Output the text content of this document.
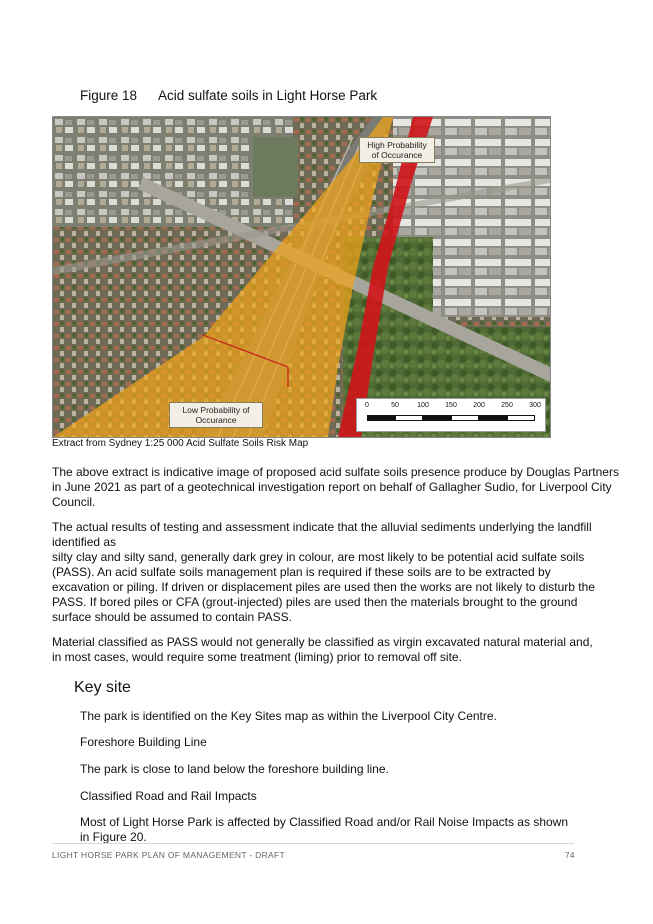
Figure 18 Acid sulfate soils in Light Horse Park
High Probability
of Occurance
Low Probability of
Occurance
0	50	100 150 200 250 300
Extract from Sydney 1:25 000 Acid Sulfate Soils Risk Map

The above extract is indicative image of proposed acid sulfate soils presence produce by Douglas Partners
in June 2021 as part of a geotechnical investigation report on behalf of Gallagher Sudio, for Liverpool City
Council.

The actual results of testing and assessment indicate that the alluvial sediments underlying the landfill
identified as
silty clay and silty sand, generally dark grey in colour, are most likely to be potential acid sulfate soils
(PASS). An acid sulfate soils management plan is required if these soils are to be extracted by
excavation or piling. If driven or displacement piles are used then the works are not likely to disturb the
PASS. If bored piles or CFA (grout-injected) piles are used then the materials brought to the ground
surface should be assumed to contain PASS.

Material classified as PASS would not generally be classified as virgin excavated natural material and,
in most cases, would require some treatment (liming) prior to removal off site.

Key site
The park is identified on the Key Sites map as within the Liverpool City Centre.
Foreshore Building Line
The park is close to land below the foreshore building line.
Classified Road and Rail Impacts
Most of Light Horse Park is affected by Classified Road and/or Rail Noise Impacts as shown
in Figure 20.
LIGHT HORSE PARK PLAN OF MANAGEMENT - DRAFT	74
